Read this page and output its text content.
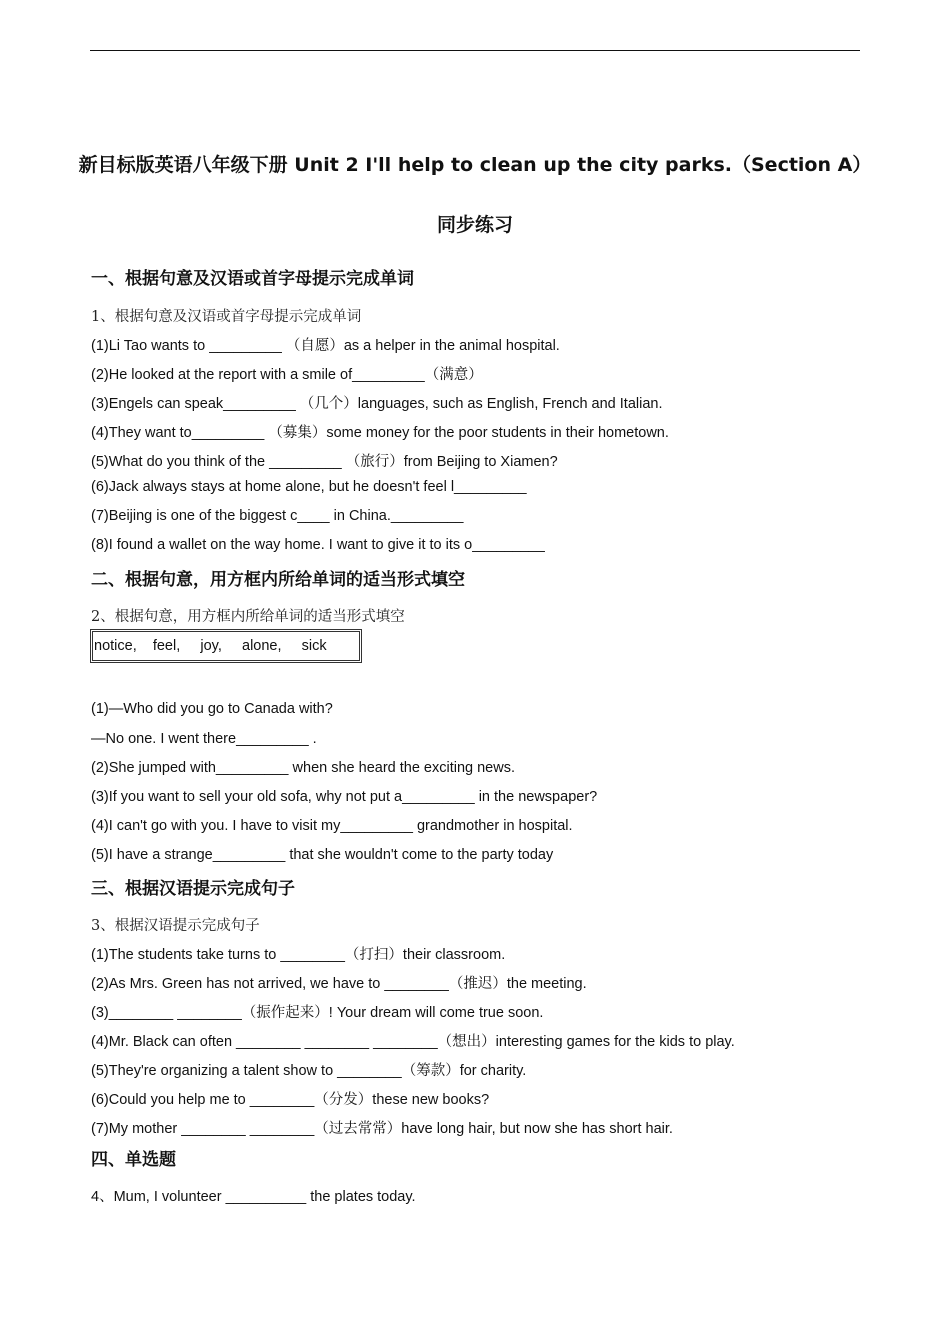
新目标版英语八年级下册 Unit 2 I'll help to clean up the city parks.（Section A）
同步练习
一、根据句意及汉语或首字母提示完成单词
1、根据句意及汉语或首字母提示完成单词
(1)Li Tao wants to _________ （自愿）as a helper in the animal hospital.
(2)He looked at the report with a smile of_________（满意）
(3)Engels can speak_________ （几个）languages, such as English, French and Italian.
(4)They want to_________ （募集）some money for the poor students in their hometown.
(5)What do you think of the _________ （旅行）from Beijing to Xiamen?
(6)Jack always stays at home alone, but he doesn't feel l_________
(7)Beijing is one of the biggest c____ in China._________
(8)I found a wallet on the way home. I want to give it to its o_________
二、根据句意，用方框内所给单词的适当形式填空
2、根据句意，用方框内所给单词的适当形式填空
notice,    feel,     joy,     alone,     sick
(1)—Who did you go to Canada with?
—No one. I went there_________ .
(2)She jumped with_________ when she heard the exciting news.
(3)If you want to sell your old sofa, why not put a_________ in the newspaper?
(4)I can't go with you. I have to visit my_________ grandmother in hospital.
(5)I have a strange_________ that she wouldn't come to the party today
三、根据汉语提示完成句子
3、根据汉语提示完成句子
(1)The students take turns to ________（打扫）their classroom.
(2)As Mrs. Green has not arrived, we have to ________（推迟）the meeting.
(3)________ ________（振作起来）! Your dream will come true soon.
(4)Mr. Black can often ________ ________ ________（想出）interesting games for the kids to play.
(5)They're organizing a talent show to ________（筹款）for charity.
(6)Could you help me to ________（分发）these new books?
(7)My mother ________ ________（过去常常）have long hair, but now she has short hair.
四、单选题
4、Mum, I volunteer __________ the plates today.
